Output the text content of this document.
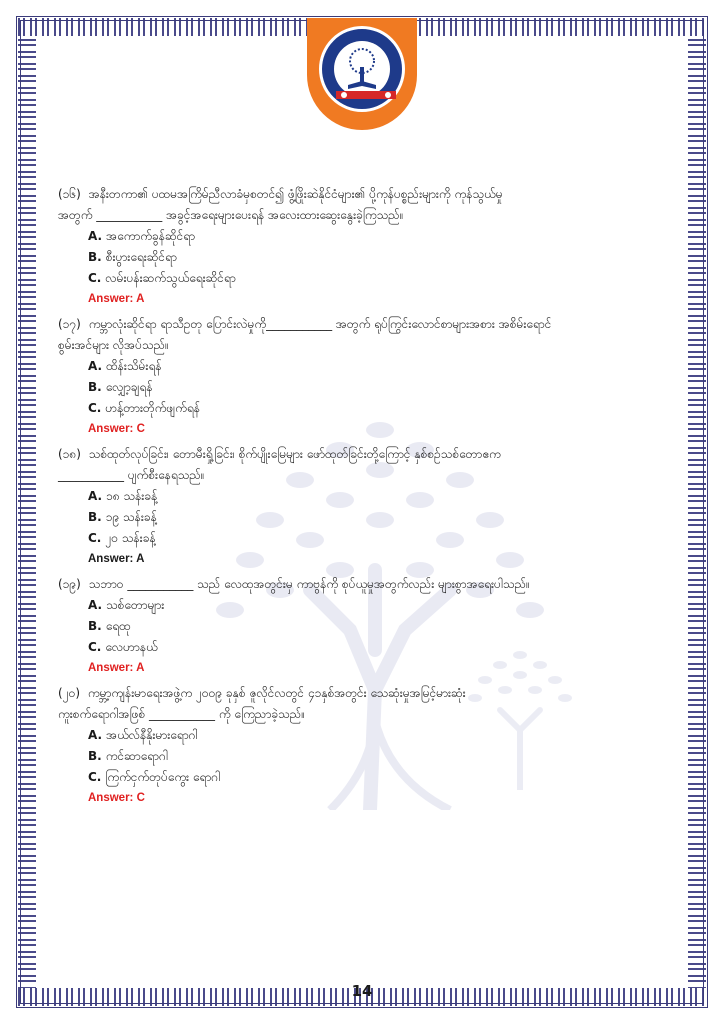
(၁၆) အနီးတကာ၏ ပထမအကြိမ်ညီလာခံမှစတင်၍ ဖွံ့ဖြိုးဆဲနိုင်ငံများ၏ ပို့ကုန်ပစ္စည်းများကို ကုန်သွယ်မှု
အတွက် ___________ အခွင့်အရေးများပေးရန် အလေးထားဆွေးနွေးခဲ့ကြသည်။
A. အကောက်ခွန်ဆိုင်ရာ
B. စီးပွားရေးဆိုင်ရာ
C. လမ်းပန်းဆက်သွယ်ရေးဆိုင်ရာ
Answer: A
(၁၇) ကမ္ဘာလုံးဆိုင်ရာ ရာသီဥတု ပြောင်းလဲမှုကို___________ အတွက် ရုပ်ကြွင်းလောင်စာများအစား အစိမ်းရောင်
စွမ်းအင်များ လိုအပ်သည်။
A. ထိန်းသိမ်းရန်
B. လျှော့ချရန်
C. ဟန့်တားတိုက်ဖျက်ရန်
Answer: C
(၁၈) သစ်ထုတ်လုပ်ခြင်း၊ တောမီးရှို့ခြင်း၊ စိုက်ပျိုးမြေများ ဖော်ထုတ်ခြင်းတို့ကြောင့် နှစ်စဉ်သစ်တောဧက
___________ ပျက်စီးနေရသည်။
A. ၁၈ သန်းခန့်
B. ၁၉ သန်းခန့်
C. ၂၀ သန်းခန့်
Answer: A
(၁၉) သဘာဝ ___________ သည် လေထုအတွင်းမှ ကာဗွန်ကို စုပ်ယူမှုအတွက်လည်း များစွာအရေးပါသည်။
A. သစ်တောများ
B. ရေထု
C. လေဟာနယ်
Answer: A
(၂၀) ကမ္ဘာ့ကျန်းမာရေးအဖွဲ့က ၂၀၀၉ ခုနှစ် ဇူလိုင်လတွင် ၄၁နှစ်အတွင်း သေဆုံးမှုအမြင့်မားဆုံး
ကူးစက်ရောဂါအဖြစ် ___________ ကို ကြေညာခဲ့သည်။
A. အယ်လ်နီနိုးမားရောဂါ
B. ကင်ဆာရောဂါ
C. ကြက်ငှက်တုပ်ကွေး ရောဂါ
Answer: C
14
